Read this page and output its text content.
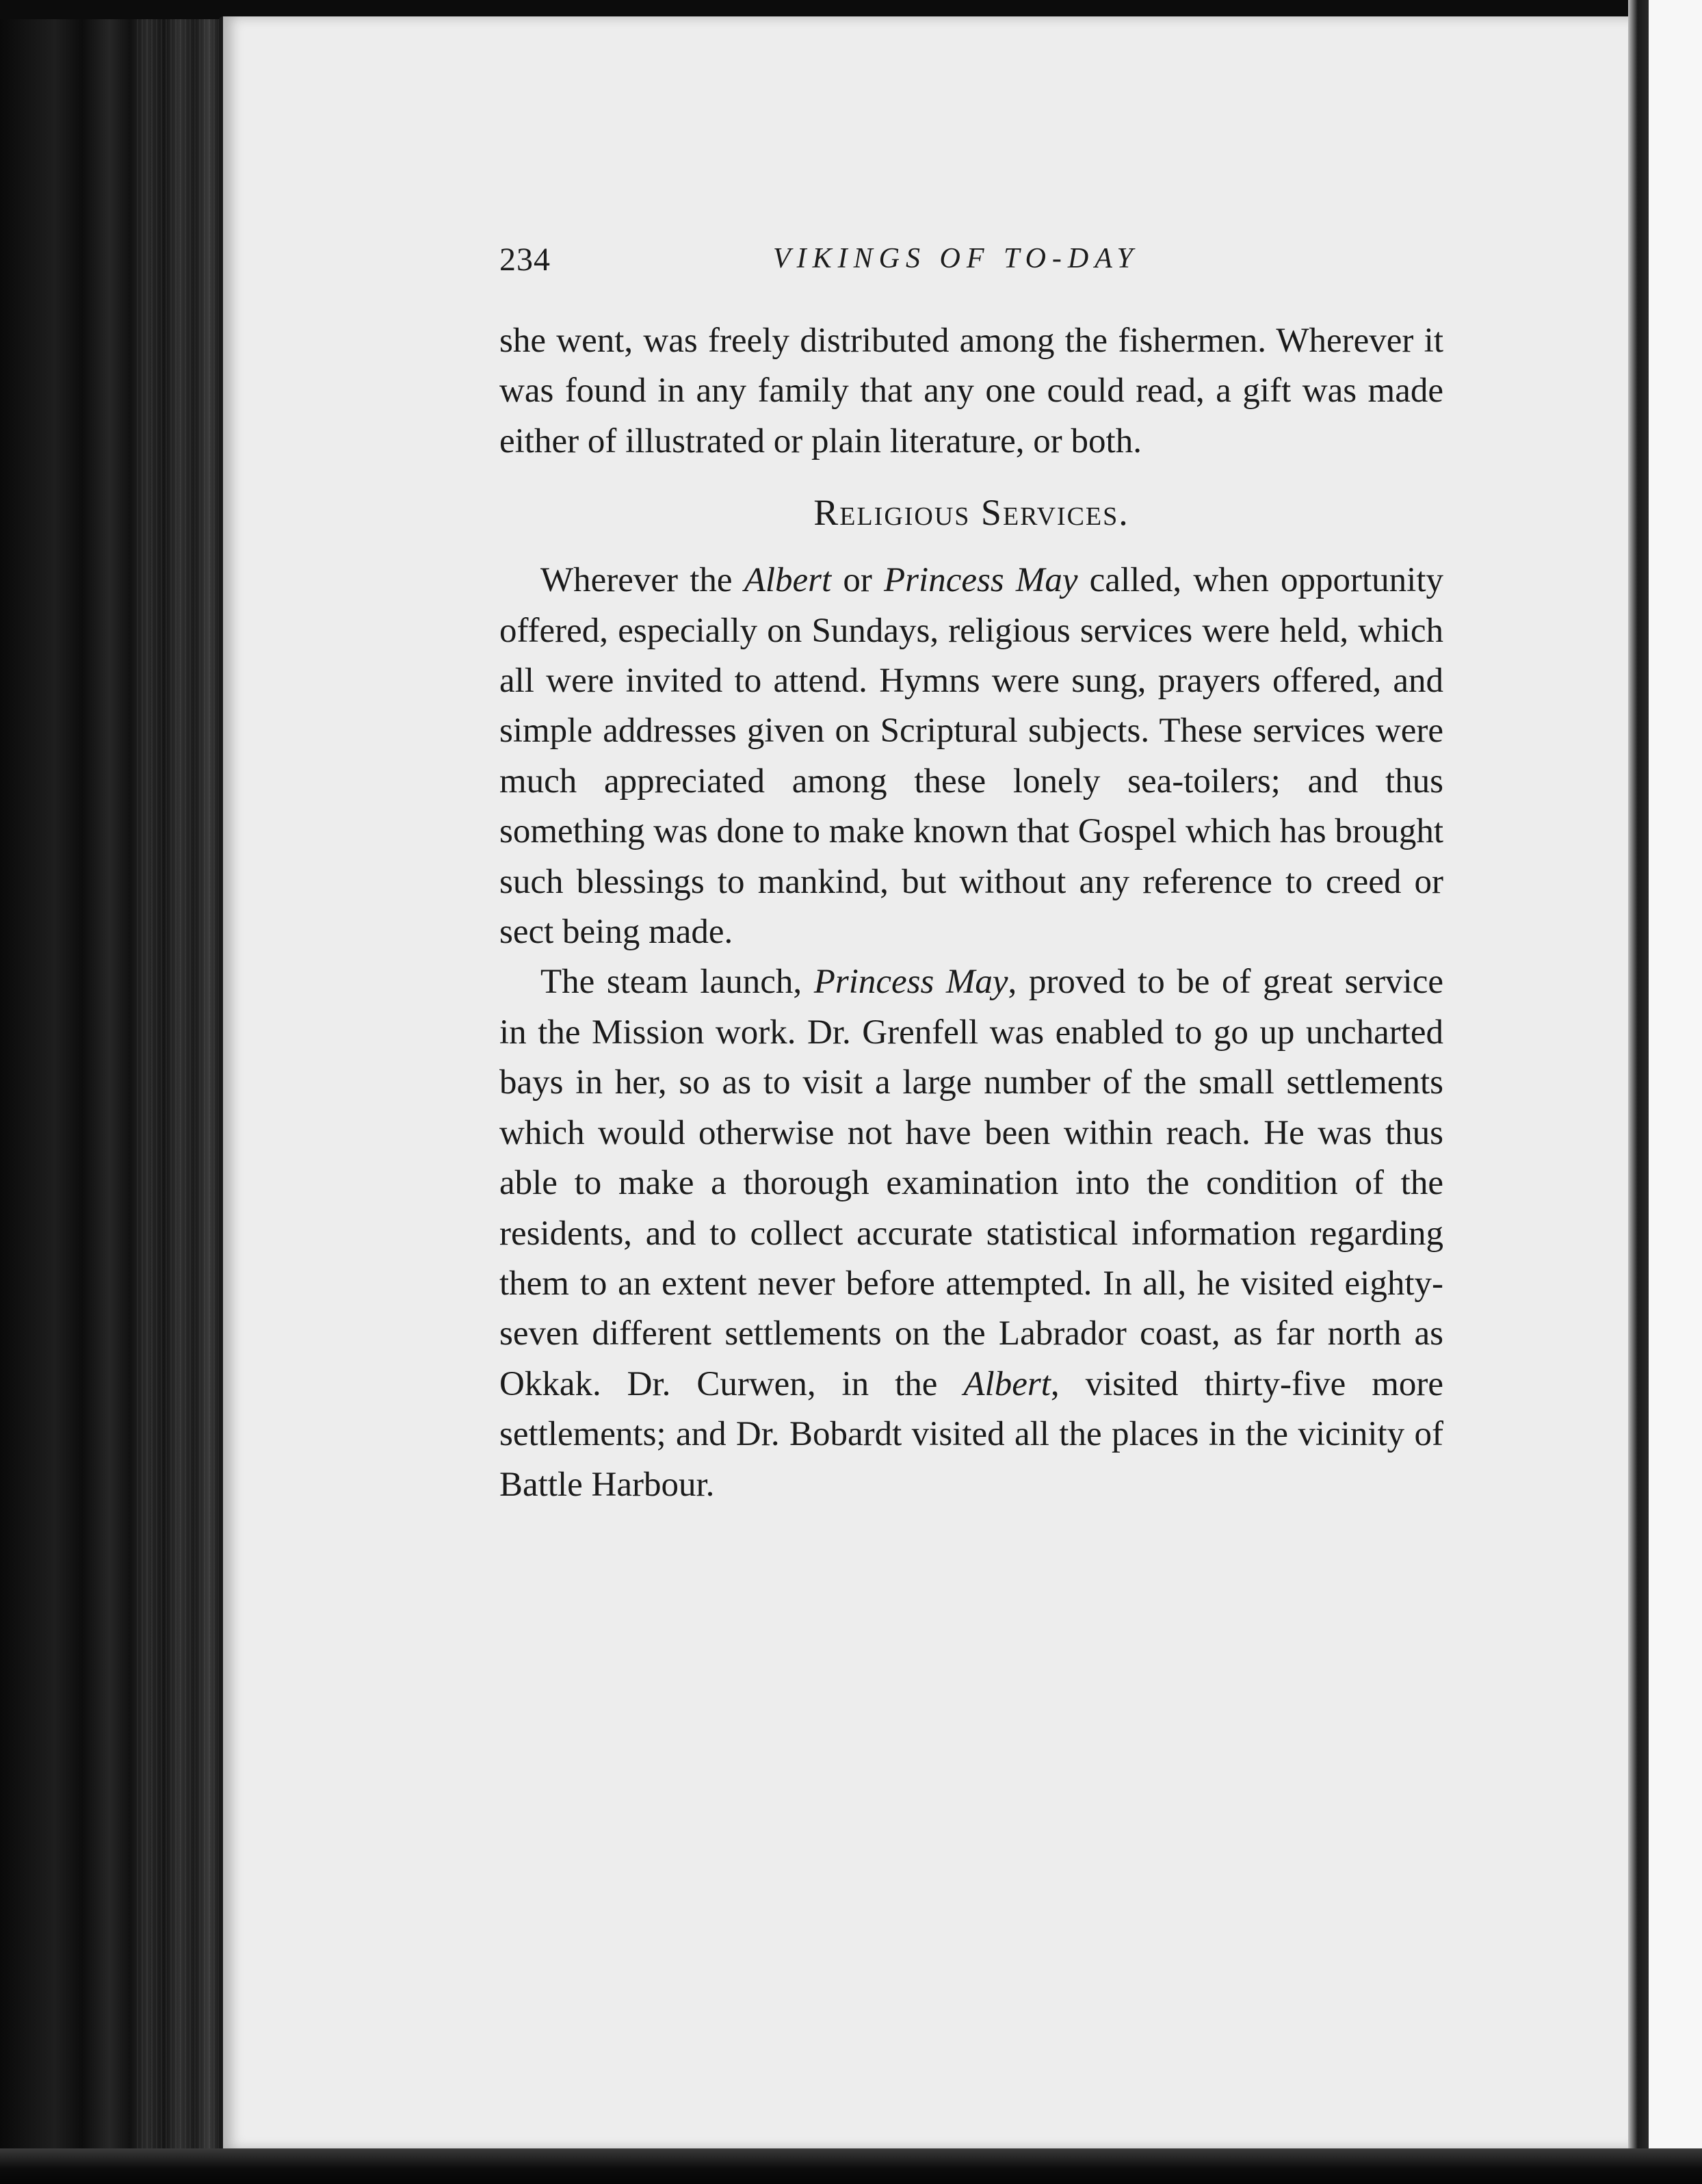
234	VIKINGS OF TO-DAY

she went, was freely distributed among the fishermen. Wherever it was found in any family that any one could read, a gift was made either of illustrated or plain literature, or both.

Religious Services.

Wherever the Albert or Princess May called, when opportunity offered, especially on Sundays, religious services were held, which all were invited to attend. Hymns were sung, prayers offered, and simple addresses given on Scriptural subjects. These services were much appreciated among these lonely sea-toilers; and thus something was done to make known that Gospel which has brought such blessings to mankind, but without any reference to creed or sect being made.

The steam launch, Princess May, proved to be of great service in the Mission work. Dr. Grenfell was enabled to go up uncharted bays in her, so as to visit a large number of the small settlements which would otherwise not have been within reach. He was thus able to make a thorough examination into the condition of the residents, and to collect accurate statistical information regarding them to an extent never before attempted. In all, he visited eighty-seven different settlements on the Labrador coast, as far north as Okkak. Dr. Curwen, in the Albert, visited thirty-five more settlements; and Dr. Bobardt visited all the places in the vicinity of Battle Harbour.
